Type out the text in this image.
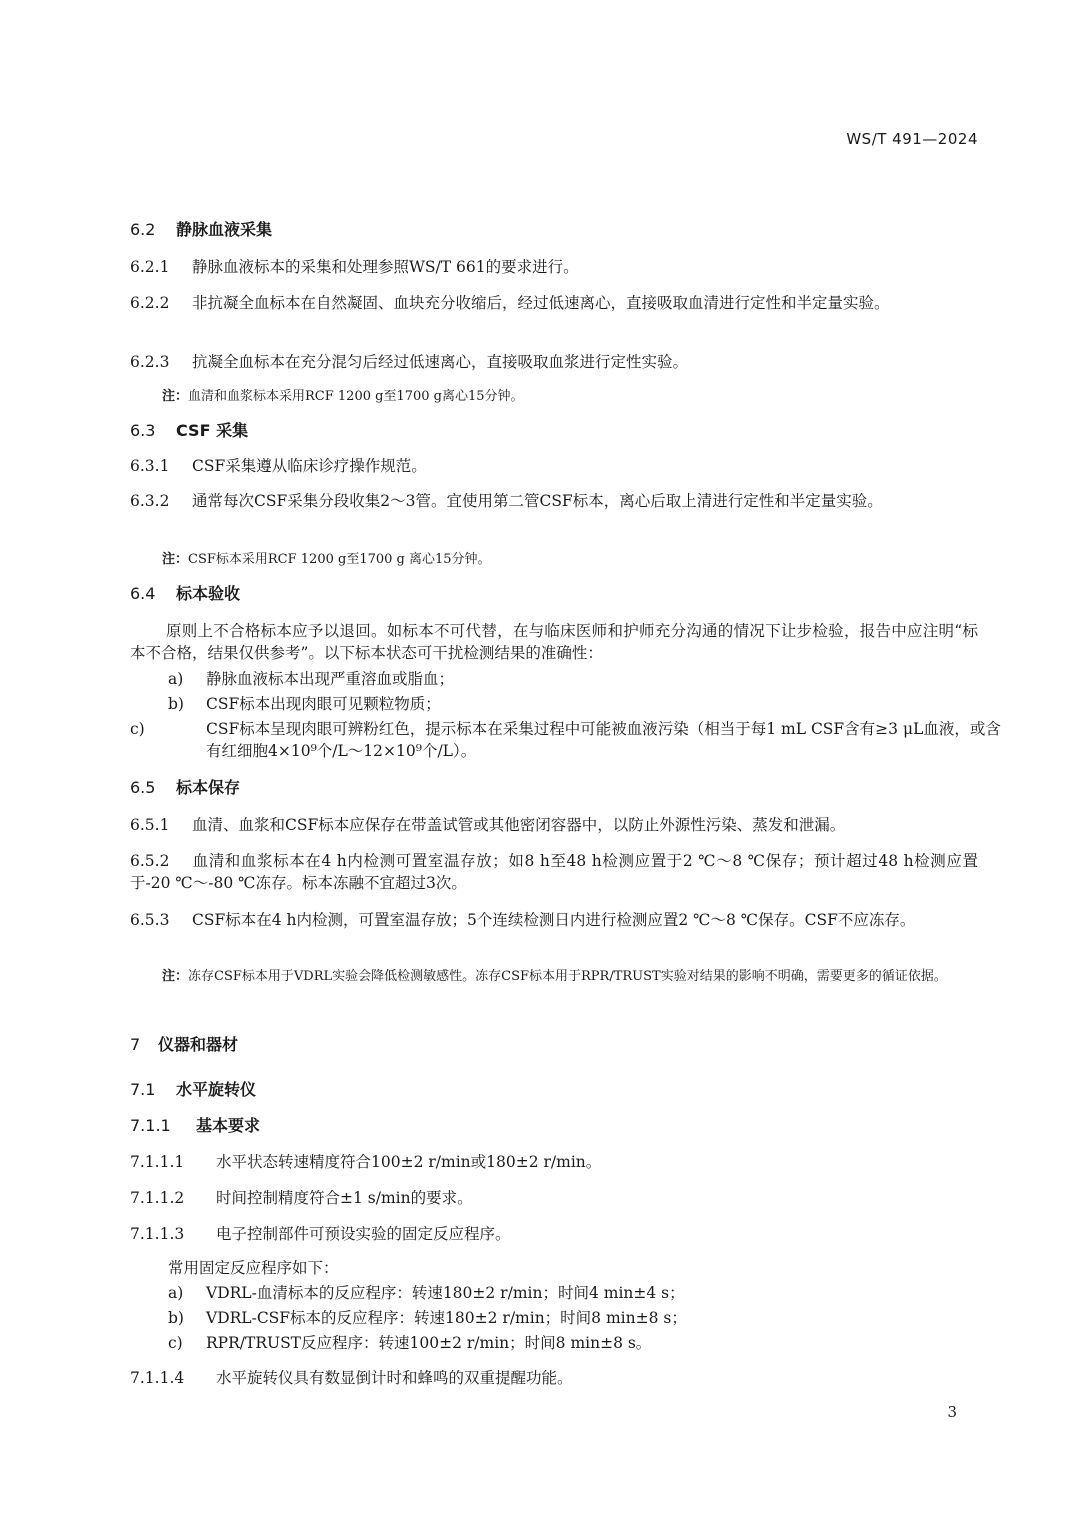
WS/T 491—2024
6.2 静脉血液采集
6.2.1 静脉血液标本的采集和处理参照WS/T 661的要求进行。
6.2.2 非抗凝全血标本在自然凝固、血块充分收缩后，经过低速离心，直接吸取血清进行定性和半定量实验。
6.2.3 抗凝全血标本在充分混匀后经过低速离心，直接吸取血浆进行定性实验。
注：血清和血浆标本采用RCF 1200 g至1700 g离心15分钟。
6.3 CSF 采集
6.3.1 CSF采集遵从临床诊疗操作规范。
6.3.2 通常每次CSF采集分段收集2～3管。宜使用第二管CSF标本，离心后取上清进行定性和半定量实验。
注：CSF标本采用RCF 1200 g至1700 g 离心15分钟。
6.4 标本验收
原则上不合格标本应予以退回。如标本不可代替，在与临床医师和护师充分沟通的情况下让步检验，报告中应注明“标本不合格，结果仅供参考”。以下标本状态可干扰检测结果的准确性：
a) 静脉血液标本出现严重溶血或脂血；
b) CSF标本出现肉眼可见颗粒物质；
c)	CSF标本呈现肉眼可辨粉红色，提示标本在采集过程中可能被血液污染（相当于每1 mL CSF含有≥3 μL血液，或含有红细胞4×10⁹个/L～12×10⁹个/L）。
6.5 标本保存
6.5.1 血清、血浆和CSF标本应保存在带盖试管或其他密闭容器中，以防止外源性污染、蒸发和泄漏。
6.5.2 血清和血浆标本在4 h内检测可置室温存放；如8 h至48 h检测应置于2 ℃～8 ℃保存；预计超过48 h检测应置于-20 ℃～-80 ℃冻存。标本冻融不宜超过3次。
6.5.3 CSF标本在4 h内检测，可置室温存放；5个连续检测日内进行检测应置2 ℃～8 ℃保存。CSF不应冻存。
注：冻存CSF标本用于VDRL实验会降低检测敏感性。冻存CSF标本用于RPR/TRUST实验对结果的影响不明确，需要更多的循证依据。
7 仪器和器材
7.1 水平旋转仪
7.1.1 基本要求
7.1.1.1 水平状态转速精度符合100±2 r/min或180±2 r/min。
7.1.1.2 时间控制精度符合±1 s/min的要求。
7.1.1.3 电子控制部件可预设实验的固定反应程序。
常用固定反应程序如下：
a) VDRL-血清标本的反应程序：转速180±2 r/min；时间4 min±4 s；
b) VDRL-CSF标本的反应程序：转速180±2 r/min；时间8 min±8 s；
c) RPR/TRUST反应程序：转速100±2 r/min；时间8 min±8 s。
7.1.1.4 水平旋转仪具有数显倒计时和蜂鸣的双重提醒功能。
3
